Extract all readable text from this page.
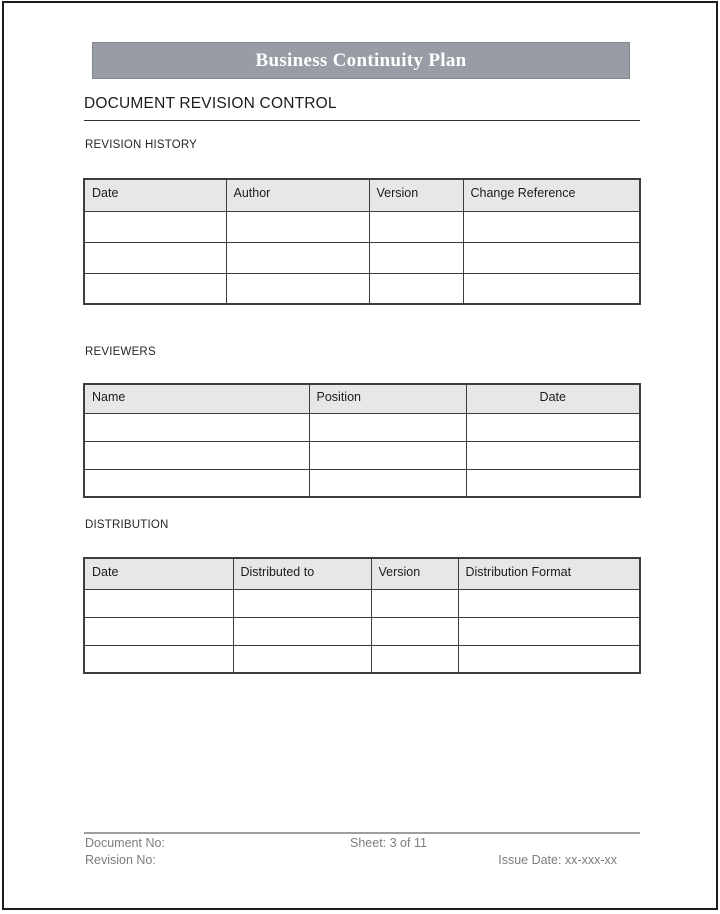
Business Continuity Plan
DOCUMENT REVISION CONTROL
REVISION HISTORY
Date	Author	Version	Change Reference

REVIEWERS
Name	Position	Date

DISTRIBUTION
Date	Distributed to	Version	Distribution Format

Document No:	Sheet: 3 of 11
Revision No:	Issue Date: xx-xxx-xx
